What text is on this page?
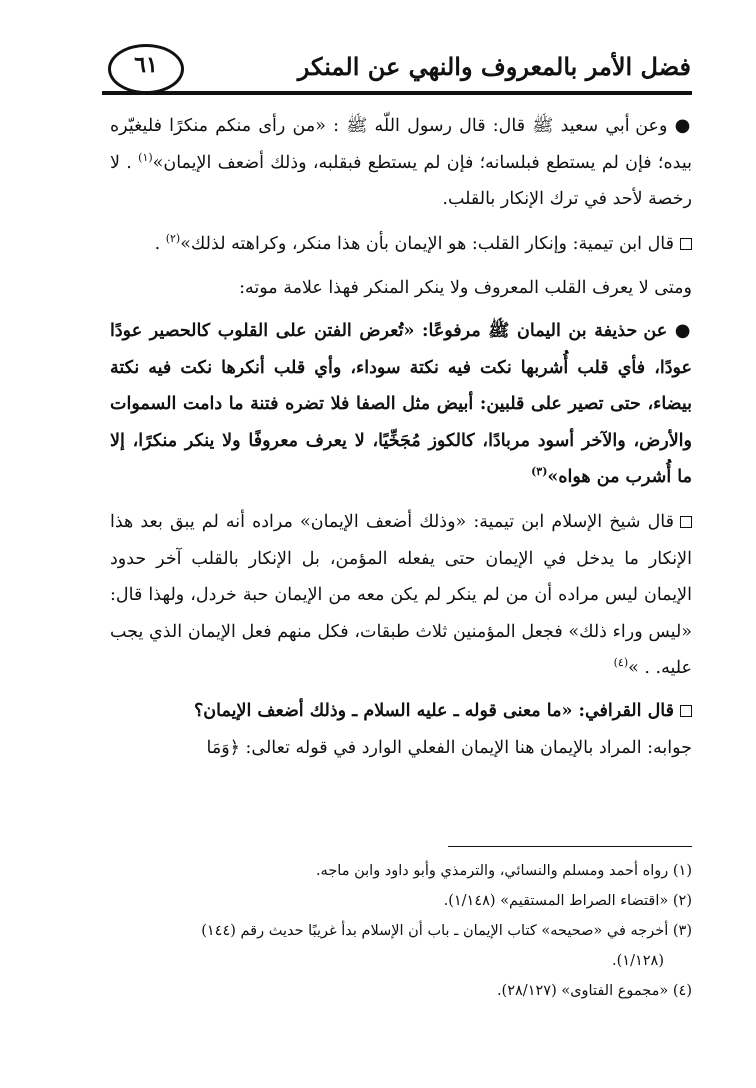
فضل الأمر بالمعروف والنهي عن المنكر
٦١

● وعن أبي سعيد ﷺ قال: قال رسول اللّه ﷺ : «من رأى منكم منكرًا فليغيّره بيده؛ فإن لم يستطع فبلسانه؛ فإن لم يستطع فبقلبه، وذلك أضعف الإيمان»$^{(١)}$ . لا رخصة لأحد في ترك الإنكار بالقلب.

قال ابن تيمية: وإنكار القلب: هو الإيمان بأن هذا منكر، وكراهته لذلك»$^{(٢)}$ .

ومتى لا يعرف القلب المعروف ولا ينكر المنكر فهذا علامة موته:

● عن حذيفة بن اليمان ﷺ مرفوعًا: «تُعرض الفتن على القلوب كالحصير عودًا عودًا، فأي قلب أُشربها نكت فيه نكتة سوداء، وأي قلب أنكرها نكت فيه نكتة بيضاء، حتى تصير على قلبين: أبيض مثل الصفا فلا تضره فتنة ما دامت السموات والأرض، والآخر أسود مربادًا، كالكوز مُجَخِّيًا، لا يعرف معروفًا ولا ينكر منكرًا، إلا ما أُشرب من هواه»$^{(٣)}$

قال شيخ الإسلام ابن تيمية: «وذلك أضعف الإيمان» مراده أنه لم يبق بعد هذا الإنكار ما يدخل في الإيمان حتى يفعله المؤمن، بل الإنكار بالقلب آخر حدود الإيمان ليس مراده أن من لم ينكر لم يكن معه من الإيمان حبة خردل، ولهذا قال: «ليس وراء ذلك» فجعل المؤمنين ثلاث طبقات، فكل منهم فعل الإيمان الذي يجب عليه. . »$^{(٤)}$

قال القرافي: «ما معنى قوله ـ عليه السلام ـ وذلك أضعف الإيمان؟

جوابه: المراد بالإيمان هنا الإيمان الفعلي الوارد في قوله تعالى: ﴿وَمَا

(١) رواه أحمد ومسلم والنسائي، والترمذي وأبو داود وابن ماجه.

(٢) «اقتضاء الصراط المستقيم» (١/١٤٨).

(٣) أخرجه في «صحيحه» كتاب الإيمان ـ باب أن الإسلام بدأ غريبًا حديث رقم (١٤٤)

(١/١٢٨).

(٤) «مجموع الفتاوى» (٢٨/١٢٧).
